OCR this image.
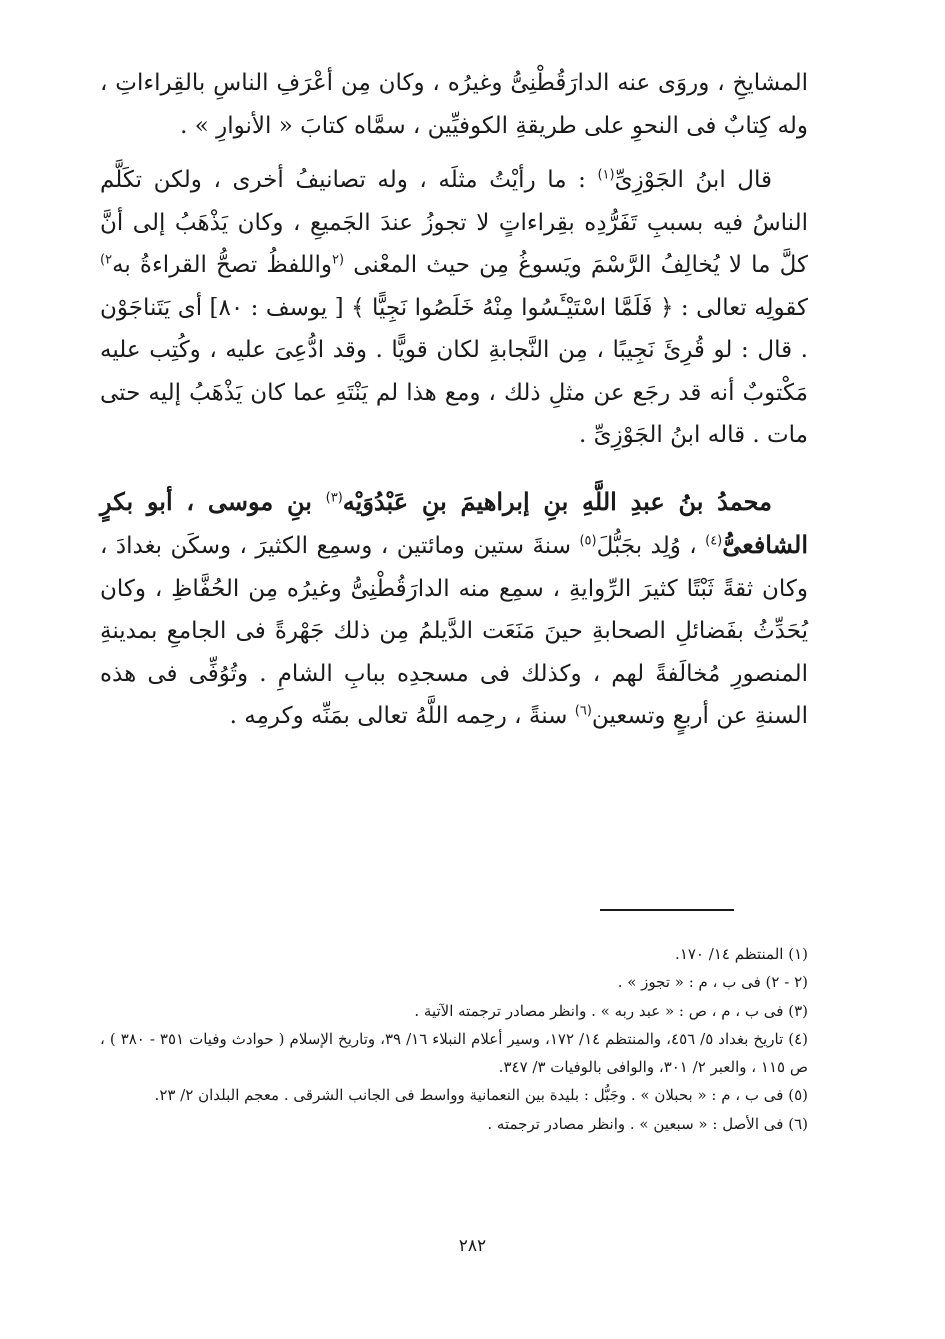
المشايخِ ، وروَى عنه الدارَقُطْنِىُّ وغيرُه ، وكان مِن أعْرَفِ الناسِ بالقِراءاتِ ، وله كِتابٌ فى النحوِ على طريقةِ الكوفيِّين ، سمَّاه كتابَ « الأنوارِ » .

قال ابنُ الجَوْزِىِّ$^{(١)}$ : ما رأيْتُ مثلَه ، وله تصانيفُ أخرى ، ولكن تكَلَّم الناسُ فيه بسببِ تَفَرُّدِه بقِراءاتٍ لا تجوزُ عندَ الجَميعِ ، وكان يَذْهَبُ إلى أنَّ كلَّ ما لا يُخالِفُ الرَّسْمَ ويَسوغُ مِن حيث المعْنى $^{(٢}$واللفظُ تصحُّ القراءةُ به$^{٢)}$ كقولِه تعالى : ﴿ فَلَمَّا اسْتَيْـَٔسُوا مِنْهُ خَلَصُوا نَجِيًّا ﴾ [ يوسف : ٨٠] أى يَتَناجَوْن . قال : لو قُرِئَ نَجِيبًا ، مِن النَّجابةِ لكان قويًّا . وقد ادُّعِىَ عليه ، وكُتِب عليه مَكْتوبٌ أنه قد رجَع عن مثلِ ذلك ، ومع هذا لم يَنْتَهِ عما كان يَذْهَبُ إليه حتى مات . قاله ابنُ الجَوْزِىِّ .

محمدُ بنُ عبدِ اللَّهِ بنِ إبراهيمَ بنِ عَبْدُوَيْه$^{(٣)}$ بنِ موسى ، أبو بكرٍ الشافعىُّ$^{(٤)}$ ، وُلِد بجَبُّلَ$^{(٥)}$ سنةَ ستين ومائتين ، وسمِع الكثيرَ ، وسكَن بغدادَ ، وكان ثقةً ثَبْتًا كثيرَ الرِّوايةِ ، سمِع منه الدارَقُطْنِىُّ وغيرُه مِن الحُفَّاظِ ، وكان يُحَدِّثُ بفَضائلِ الصحابةِ حينَ مَنَعَت الدَّيلمُ مِن ذلك جَهْرةً فى الجامعِ بمدينةِ المنصورِ مُخالَفةً لهم ، وكذلك فى مسجدِه ببابِ الشامِ . وتُوُفِّى فى هذه السنةِ عن أربعٍ وتسعين$^{(٦)}$ سنةً ، رحِمه اللَّهُ تعالى بمَنِّه وكرمِه .

(١) المنتظم ١٤/ ١٧٠.

(٢ - ٢) فى ب ، م : « تجوز » .

(٣) فى ب ، م ، ص : « عبد ربه » . وانظر مصادر ترجمته الآتية .

(٤) تاريخ بغداد ٥/ ٤٥٦، والمنتظم ١٤/ ١٧٢، وسير أعلام النبلاء ١٦/ ٣٩، وتاريخ الإسلام ( حوادث وفيات ٣٥١ - ٣٨٠ ) ، ص ١١٥ ، والعبر ٢/ ٣٠١، والوافى بالوفيات ٣/ ٣٤٧.

(٥) فى ب ، م : « بحبلان » . وجَبُّل : بليدة بين النعمانية وواسط فى الجانب الشرقى . معجم البلدان ٢/ ٢٣.

(٦) فى الأصل : « سبعين » . وانظر مصادر ترجمته .

٢٨٢
